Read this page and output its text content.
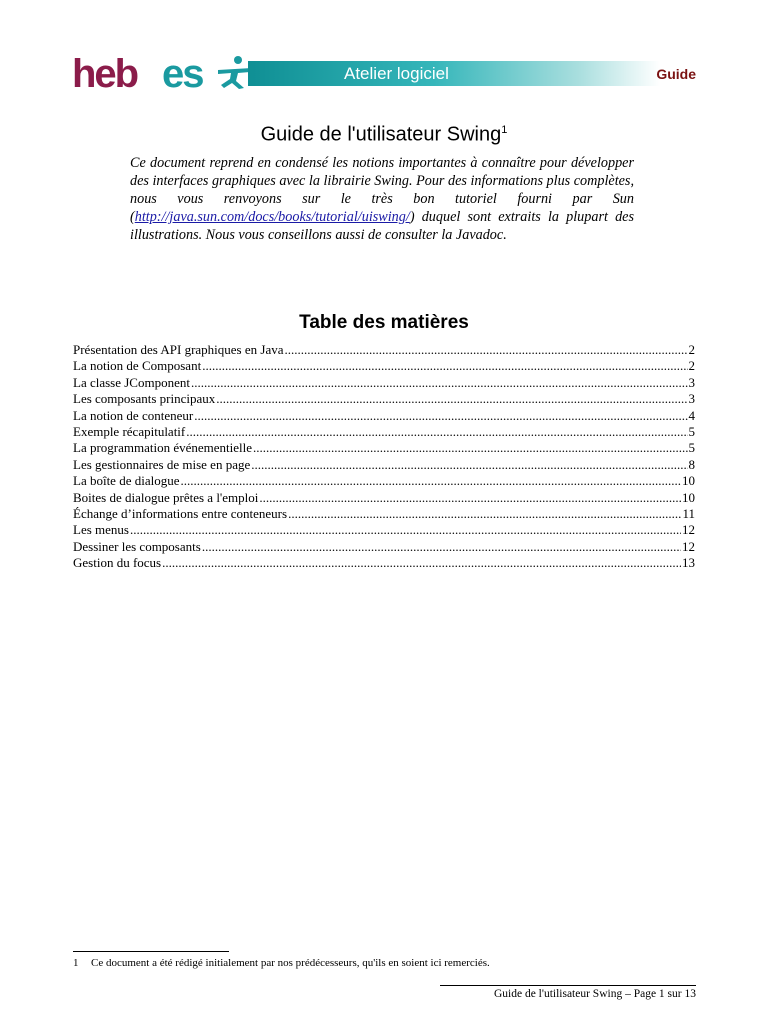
heb es	Atelier logiciel	Guide
Guide de l'utilisateur Swing$^1$
Ce document reprend en condensé les notions importantes à connaître pour développer des interfaces graphiques avec la librairie Swing. Pour des informations plus complètes, nous vous renvoyons sur le très bon tutoriel fourni par Sun (http://java.sun.com/docs/books/tutorial/uiswing/) duquel sont extraits la plupart des illustrations. Nous vous conseillons aussi de consulter la Javadoc.
Table des matières
Présentation des API graphiques en Java .....	2
La notion de Composant .....	2
La classe JComponent .....	3
Les composants principaux .....	3
La notion de conteneur .....	4
Exemple récapitulatif .....	5
La programmation événementielle .....	5
Les gestionnaires de mise en page .....	8
La boîte de dialogue .....	10
Boites de dialogue prêtes a l'emploi .....	10
Échange d’informations entre conteneurs .....	11
Les menus .....	12
Dessiner les composants .....	12
Gestion du focus .....	13
1 Ce document a été rédigé initialement par nos prédécesseurs, qu'ils en soient ici remerciés.
Guide de l'utilisateur Swing – Page 1 sur 13
